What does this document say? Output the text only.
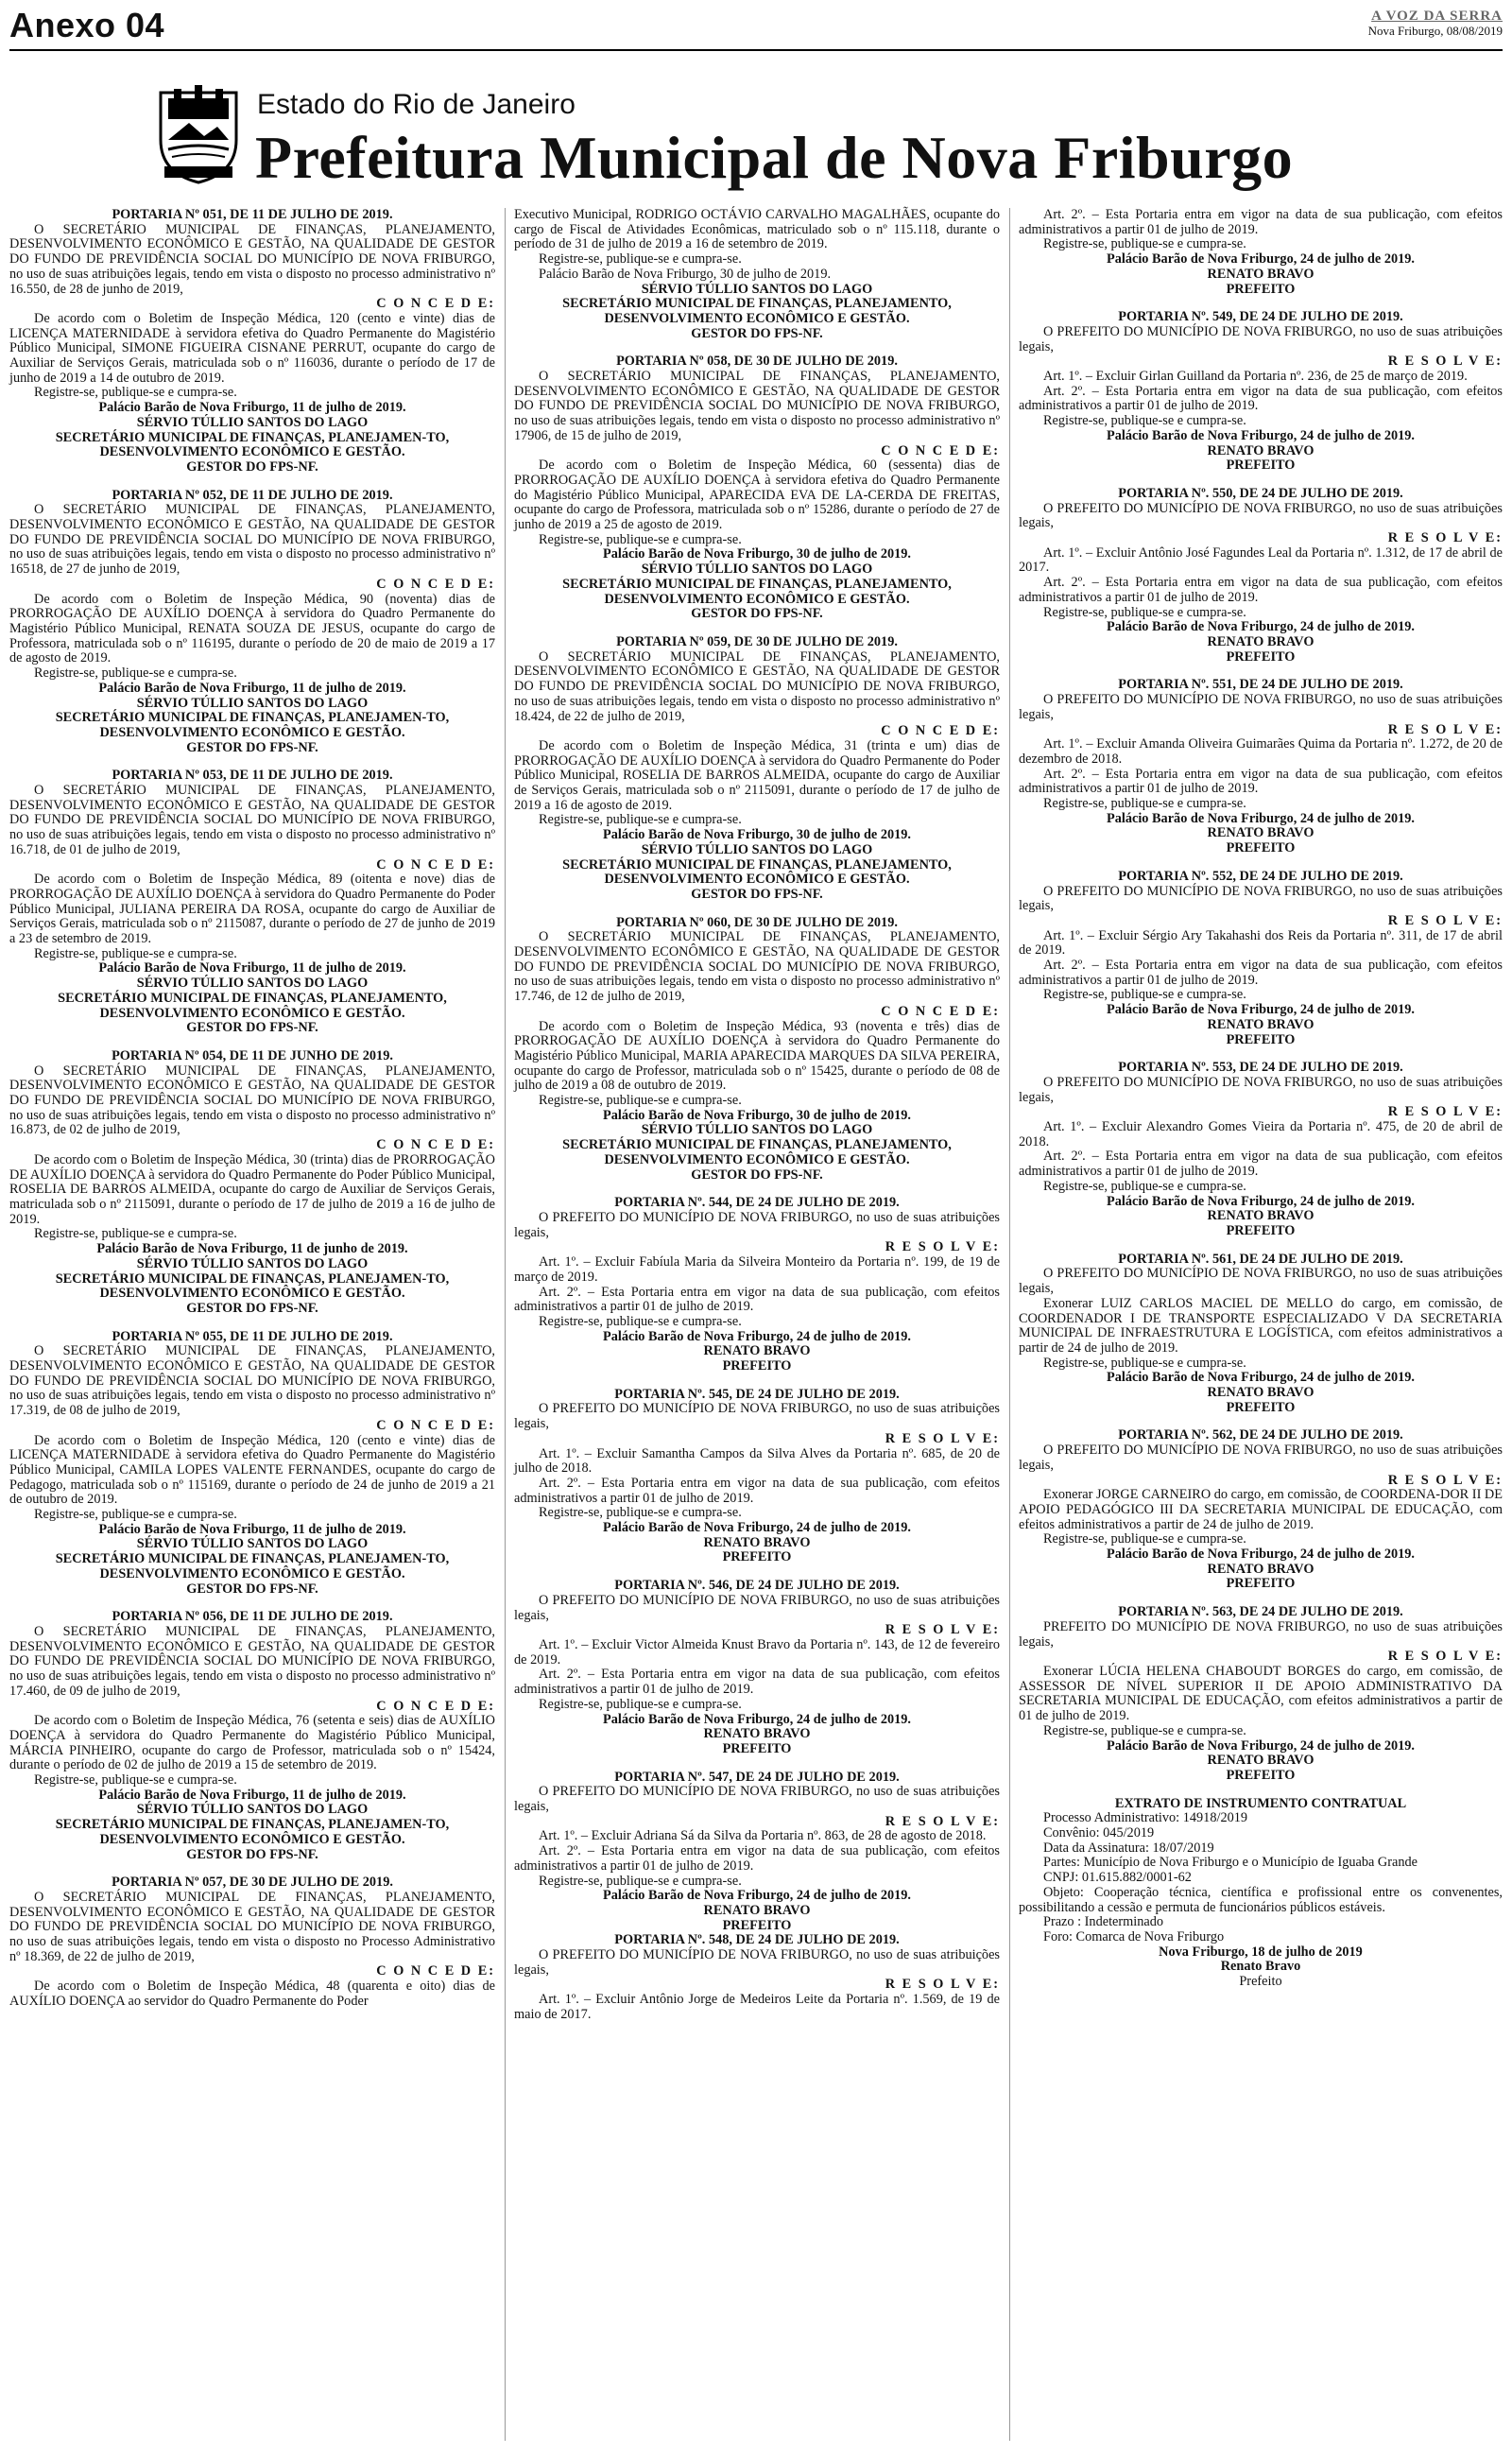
Anexo 04	A VOZ DA SERRA
Nova Friburgo, 08/08/2019
Estado do Rio de Janeiro
Prefeitura Municipal de Nova Friburgo

PORTARIA Nº 051, DE 11 DE JULHO DE 2019.

O SECRETÁRIO MUNICIPAL DE FINANÇAS, PLANEJAMENTO, DESENVOLVIMENTO ECONÔMICO E GESTÃO, NA QUALIDADE DE GESTOR DO FUNDO DE PREVIDÊNCIA SOCIAL DO MUNICÍPIO DE NOVA FRIBURGO, no uso de suas atribuições legais, tendo em vista o disposto no processo administrativo nº 16.550, de 28 de junho de 2019,

C O N C E D E:

De acordo com o Boletim de Inspeção Médica, 120 (cento e vinte) dias de LICENÇA MATERNIDADE à servidora efetiva do Quadro Permanente do Magistério Público Municipal, SIMONE FIGUEIRA CISNANE PERRUT, ocupante do cargo de Auxiliar de Serviços Gerais, matriculada sob o nº 116036, durante o período de 17 de junho de 2019 a 14 de outubro de 2019.

Registre-se, publique-se e cumpra-se.

Palácio Barão de Nova Friburgo, 11 de julho de 2019.

SÉRVIO TÚLLIO SANTOS DO LAGO

SECRETÁRIO MUNICIPAL DE FINANÇAS, PLANEJAMEN-TO, DESENVOLVIMENTO ECONÔMICO E GESTÃO.

GESTOR DO FPS-NF.

PORTARIA Nº 052, DE 11 DE JULHO DE 2019.

O SECRETÁRIO MUNICIPAL DE FINANÇAS, PLANEJAMENTO, DESENVOLVIMENTO ECONÔMICO E GESTÃO, NA QUALIDADE DE GESTOR DO FUNDO DE PREVIDÊNCIA SOCIAL DO MUNICÍPIO DE NOVA FRIBURGO, no uso de suas atribuições legais, tendo em vista o disposto no processo administrativo nº 16518, de 27 de junho de 2019,

C O N C E D E:

De acordo com o Boletim de Inspeção Médica, 90 (noventa) dias de PRORROGAÇÃO DE AUXÍLIO DOENÇA à servidora do Quadro Permanente do Magistério Público Municipal, RENATA SOUZA DE JESUS, ocupante do cargo de Professora, matriculada sob o nº 116195, durante o período de 20 de maio de 2019 a 17 de agosto de 2019.

Registre-se, publique-se e cumpra-se.

Palácio Barão de Nova Friburgo, 11 de julho de 2019.

SÉRVIO TÚLLIO SANTOS DO LAGO

SECRETÁRIO MUNICIPAL DE FINANÇAS, PLANEJAMEN-TO, DESENVOLVIMENTO ECONÔMICO E GESTÃO.

GESTOR DO FPS-NF.

PORTARIA Nº 053, DE 11 DE JULHO DE 2019.

O SECRETÁRIO MUNICIPAL DE FINANÇAS, PLANEJAMENTO, DESENVOLVIMENTO ECONÔMICO E GESTÃO, NA QUALIDADE DE GESTOR DO FUNDO DE PREVIDÊNCIA SOCIAL DO MUNICÍPIO DE NOVA FRIBURGO, no uso de suas atribuições legais, tendo em vista o disposto no processo administrativo nº 16.718, de 01 de julho de 2019,

C O N C E D E:

De acordo com o Boletim de Inspeção Médica, 89 (oitenta e nove) dias de PRORROGAÇÃO DE AUXÍLIO DOENÇA à servidora do Quadro Permanente do Poder Público Municipal, JULIANA PEREIRA DA ROSA, ocupante do cargo de Auxiliar de Serviços Gerais, matriculada sob o nº 2115087, durante o período de 27 de junho de 2019 a 23 de setembro de 2019.

Registre-se, publique-se e cumpra-se.

Palácio Barão de Nova Friburgo, 11 de julho de 2019.

SÉRVIO TÚLLIO SANTOS DO LAGO

SECRETÁRIO MUNICIPAL DE FINANÇAS, PLANEJAMENTO, DESENVOLVIMENTO ECONÔMICO E GESTÃO.

GESTOR DO FPS-NF.

PORTARIA Nº 054, DE 11 DE JUNHO DE 2019.

O SECRETÁRIO MUNICIPAL DE FINANÇAS, PLANEJAMENTO, DESENVOLVIMENTO ECONÔMICO E GESTÃO, NA QUALIDADE DE GESTOR DO FUNDO DE PREVIDÊNCIA SOCIAL DO MUNICÍPIO DE NOVA FRIBURGO, no uso de suas atribuições legais, tendo em vista o disposto no processo administrativo nº 16.873, de 02 de julho de 2019,

C O N C E D E:

De acordo com o Boletim de Inspeção Médica, 30 (trinta) dias de PRORROGAÇÃO DE AUXÍLIO DOENÇA à servidora do Quadro Permanente do Poder Público Municipal, ROSELIA DE BARROS ALMEIDA, ocupante do cargo de Auxiliar de Serviços Gerais, matriculada sob o nº 2115091, durante o período de 17 de julho de 2019 a 16 de julho de 2019.

Registre-se, publique-se e cumpra-se.

Palácio Barão de Nova Friburgo, 11 de junho de 2019.

SÉRVIO TÚLLIO SANTOS DO LAGO

SECRETÁRIO MUNICIPAL DE FINANÇAS, PLANEJAMEN-TO, DESENVOLVIMENTO ECONÔMICO E GESTÃO.

GESTOR DO FPS-NF.

PORTARIA Nº 055, DE 11 DE JULHO DE 2019.

O SECRETÁRIO MUNICIPAL DE FINANÇAS, PLANEJAMENTO, DESENVOLVIMENTO ECONÔMICO E GESTÃO, NA QUALIDADE DE GESTOR DO FUNDO DE PREVIDÊNCIA SOCIAL DO MUNICÍPIO DE NOVA FRIBURGO, no uso de suas atribuições legais, tendo em vista o disposto no processo administrativo nº 17.319, de 08 de julho de 2019,

C O N C E D E:

De acordo com o Boletim de Inspeção Médica, 120 (cento e vinte) dias de LICENÇA MATERNIDADE à servidora efetiva do Quadro Permanente do Magistério Público Municipal, CAMILA LOPES VALENTE FERNANDES, ocupante do cargo de Pedagogo, matriculada sob o nº 115169, durante o período de 24 de junho de 2019 a 21 de outubro de 2019.

Registre-se, publique-se e cumpra-se.

Palácio Barão de Nova Friburgo, 11 de julho de 2019.

SÉRVIO TÚLLIO SANTOS DO LAGO

SECRETÁRIO MUNICIPAL DE FINANÇAS, PLANEJAMEN-TO, DESENVOLVIMENTO ECONÔMICO E GESTÃO.

GESTOR DO FPS-NF.

PORTARIA Nº 056, DE 11 DE JULHO DE 2019.

O SECRETÁRIO MUNICIPAL DE FINANÇAS, PLANEJAMENTO, DESENVOLVIMENTO ECONÔMICO E GESTÃO, NA QUALIDADE DE GESTOR DO FUNDO DE PREVIDÊNCIA SOCIAL DO MUNICÍPIO DE NOVA FRIBURGO, no uso de suas atribuições legais, tendo em vista o disposto no processo administrativo nº 17.460, de 09 de julho de 2019,

C O N C E D E:

De acordo com o Boletim de Inspeção Médica, 76 (setenta e seis) dias de AUXÍLIO DOENÇA à servidora do Quadro Permanente do Magistério Público Municipal, MÁRCIA PINHEIRO, ocupante do cargo de Professor, matriculada sob o nº 15424, durante o período de 02 de julho de 2019 a 15 de setembro de 2019.

Registre-se, publique-se e cumpra-se.

Palácio Barão de Nova Friburgo, 11 de julho de 2019.

SÉRVIO TÚLLIO SANTOS DO LAGO

SECRETÁRIO MUNICIPAL DE FINANÇAS, PLANEJAMEN-TO, DESENVOLVIMENTO ECONÔMICO E GESTÃO.

GESTOR DO FPS-NF.

PORTARIA Nº 057, DE 30 DE JULHO DE 2019.

O SECRETÁRIO MUNICIPAL DE FINANÇAS, PLANEJAMENTO, DESENVOLVIMENTO ECONÔMICO E GESTÃO, NA QUALIDADE DE GESTOR DO FUNDO DE PREVIDÊNCIA SOCIAL DO MUNICÍPIO DE NOVA FRIBURGO, no uso de suas atribuições legais, tendo em vista o disposto no Processo Administrativo nº 18.369, de 22 de julho de 2019,

C O N C E D E:

De acordo com o Boletim de Inspeção Médica, 48 (quarenta e oito) dias de AUXÍLIO DOENÇA ao servidor do Quadro Permanente do Poder

Executivo Municipal, RODRIGO OCTÁVIO CARVALHO MAGALHÃES, ocupante do cargo de Fiscal de Atividades Econômicas, matriculado sob o nº 115.118, durante o período de 31 de julho de 2019 a 16 de setembro de 2019.

Registre-se, publique-se e cumpra-se.

Palácio Barão de Nova Friburgo, 30 de julho de 2019.

SÉRVIO TÚLLIO SANTOS DO LAGO

SECRETÁRIO MUNICIPAL DE FINANÇAS, PLANEJAMENTO, DESENVOLVIMENTO ECONÔMICO E GESTÃO.

GESTOR DO FPS-NF.

PORTARIA Nº 058, DE 30 DE JULHO DE 2019.

O SECRETÁRIO MUNICIPAL DE FINANÇAS, PLANEJAMENTO, DESENVOLVIMENTO ECONÔMICO E GESTÃO, NA QUALIDADE DE GESTOR DO FUNDO DE PREVIDÊNCIA SOCIAL DO MUNICÍPIO DE NOVA FRIBURGO, no uso de suas atribuições legais, tendo em vista o disposto no processo administrativo nº 17906, de 15 de julho de 2019,

C O N C E D E:

De acordo com o Boletim de Inspeção Médica, 60 (sessenta) dias de PRORROGAÇÃO DE AUXÍLIO DOENÇA à servidora efetiva do Quadro Permanente do Magistério Público Municipal, APARECIDA EVA DE LA-CERDA DE FREITAS, ocupante do cargo de Professora, matriculada sob o nº 15286, durante o período de 27 de junho de 2019 a 25 de agosto de 2019.

Registre-se, publique-se e cumpra-se.

Palácio Barão de Nova Friburgo, 30 de julho de 2019.

SÉRVIO TÚLLIO SANTOS DO LAGO

SECRETÁRIO MUNICIPAL DE FINANÇAS, PLANEJAMENTO, DESENVOLVIMENTO ECONÔMICO E GESTÃO.

GESTOR DO FPS-NF.

PORTARIA Nº 059, DE 30 DE JULHO DE 2019.

O SECRETÁRIO MUNICIPAL DE FINANÇAS, PLANEJAMENTO, DESENVOLVIMENTO ECONÔMICO E GESTÃO, NA QUALIDADE DE GESTOR DO FUNDO DE PREVIDÊNCIA SOCIAL DO MUNICÍPIO DE NOVA FRIBURGO, no uso de suas atribuições legais, tendo em vista o disposto no processo administrativo nº 18.424, de 22 de julho de 2019,

C O N C E D E:

De acordo com o Boletim de Inspeção Médica, 31 (trinta e um) dias de PRORROGAÇÃO DE AUXÍLIO DOENÇA à servidora do Quadro Permanente do Poder Público Municipal, ROSELIA DE BARROS ALMEIDA, ocupante do cargo de Auxiliar de Serviços Gerais, matriculada sob o nº 2115091, durante o período de 17 de julho de 2019 a 16 de agosto de 2019.

Registre-se, publique-se e cumpra-se.

Palácio Barão de Nova Friburgo, 30 de julho de 2019.

SÉRVIO TÚLLIO SANTOS DO LAGO

SECRETÁRIO MUNICIPAL DE FINANÇAS, PLANEJAMENTO, DESENVOLVIMENTO ECONÔMICO E GESTÃO.

GESTOR DO FPS-NF.

PORTARIA Nº 060, DE 30 DE JULHO DE 2019.

O SECRETÁRIO MUNICIPAL DE FINANÇAS, PLANEJAMENTO, DESENVOLVIMENTO ECONÔMICO E GESTÃO, NA QUALIDADE DE GESTOR DO FUNDO DE PREVIDÊNCIA SOCIAL DO MUNICÍPIO DE NOVA FRIBURGO, no uso de suas atribuições legais, tendo em vista o disposto no processo administrativo nº 17.746, de 12 de julho de 2019,

C O N C E D E:

De acordo com o Boletim de Inspeção Médica, 93 (noventa e três) dias de PRORROGAÇÃO DE AUXÍLIO DOENÇA à servidora do Quadro Permanente do Magistério Público Municipal, MARIA APARECIDA MARQUES DA SILVA PEREIRA, ocupante do cargo de Professor, matriculada sob o nº 15425, durante o período de 08 de julho de 2019 a 08 de outubro de 2019.

Registre-se, publique-se e cumpra-se.

Palácio Barão de Nova Friburgo, 30 de julho de 2019.

SÉRVIO TÚLLIO SANTOS DO LAGO

SECRETÁRIO MUNICIPAL DE FINANÇAS, PLANEJAMENTO, DESENVOLVIMENTO ECONÔMICO E GESTÃO.

GESTOR DO FPS-NF.

PORTARIA Nº. 544, DE 24 DE JULHO DE 2019.

O PREFEITO DO MUNICÍPIO DE NOVA FRIBURGO, no uso de suas atribuições legais,

R E S O L V E:

Art. 1º. – Excluir Fabíula Maria da Silveira Monteiro da Portaria nº. 199, de 19 de março de 2019.

Art. 2º. – Esta Portaria entra em vigor na data de sua publicação, com efeitos administrativos a partir 01 de julho de 2019.

Registre-se, publique-se e cumpra-se.

Palácio Barão de Nova Friburgo, 24 de julho de 2019.

RENATO BRAVO

PREFEITO

PORTARIA Nº. 545, DE 24 DE JULHO DE 2019.

O PREFEITO DO MUNICÍPIO DE NOVA FRIBURGO, no uso de suas atribuições legais,

R E S O L V E:

Art. 1º. – Excluir Samantha Campos da Silva Alves da Portaria nº. 685, de 20 de julho de 2018.

Art. 2º. – Esta Portaria entra em vigor na data de sua publicação, com efeitos administrativos a partir 01 de julho de 2019.

Registre-se, publique-se e cumpra-se.

Palácio Barão de Nova Friburgo, 24 de julho de 2019.

RENATO BRAVO

PREFEITO

PORTARIA Nº. 546, DE 24 DE JULHO DE 2019.

O PREFEITO DO MUNICÍPIO DE NOVA FRIBURGO, no uso de suas atribuições legais,

R E S O L V E:

Art. 1º. – Excluir Victor Almeida Knust Bravo da Portaria nº. 143, de 12 de fevereiro de 2019.

Art. 2º. – Esta Portaria entra em vigor na data de sua publicação, com efeitos administrativos a partir 01 de julho de 2019.

Registre-se, publique-se e cumpra-se.

Palácio Barão de Nova Friburgo, 24 de julho de 2019.

RENATO BRAVO

PREFEITO

PORTARIA Nº. 547, DE 24 DE JULHO DE 2019.

O PREFEITO DO MUNICÍPIO DE NOVA FRIBURGO, no uso de suas atribuições legais,

R E S O L V E:

Art. 1º. – Excluir Adriana Sá da Silva da Portaria nº. 863, de 28 de agosto de 2018.

Art. 2º. – Esta Portaria entra em vigor na data de sua publicação, com efeitos administrativos a partir 01 de julho de 2019.

Registre-se, publique-se e cumpra-se.

Palácio Barão de Nova Friburgo, 24 de julho de 2019.

RENATO BRAVO

PREFEITO

PORTARIA Nº. 548, DE 24 DE JULHO DE 2019.

O PREFEITO DO MUNICÍPIO DE NOVA FRIBURGO, no uso de suas atribuições legais,

R E S O L V E:

Art. 1º. – Excluir Antônio Jorge de Medeiros Leite da Portaria nº. 1.569, de 19 de maio de 2017.

Art. 2º. – Esta Portaria entra em vigor na data de sua publicação, com efeitos administrativos a partir 01 de julho de 2019.

Registre-se, publique-se e cumpra-se.

Palácio Barão de Nova Friburgo, 24 de julho de 2019.

RENATO BRAVO

PREFEITO

PORTARIA Nº. 549, DE 24 DE JULHO DE 2019.

O PREFEITO DO MUNICÍPIO DE NOVA FRIBURGO, no uso de suas atribuições legais,

R E S O L V E:

Art. 1º. – Excluir Girlan Guilland da Portaria nº. 236, de 25 de março de 2019.

Art. 2º. – Esta Portaria entra em vigor na data de sua publicação, com efeitos administrativos a partir 01 de julho de 2019.

Registre-se, publique-se e cumpra-se.

Palácio Barão de Nova Friburgo, 24 de julho de 2019.

RENATO BRAVO

PREFEITO

PORTARIA Nº. 550, DE 24 DE JULHO DE 2019.

O PREFEITO DO MUNICÍPIO DE NOVA FRIBURGO, no uso de suas atribuições legais,

R E S O L V E:

Art. 1º. – Excluir Antônio José Fagundes Leal da Portaria nº. 1.312, de 17 de abril de 2017.

Art. 2º. – Esta Portaria entra em vigor na data de sua publicação, com efeitos administrativos a partir 01 de julho de 2019.

Registre-se, publique-se e cumpra-se.

Palácio Barão de Nova Friburgo, 24 de julho de 2019.

RENATO BRAVO

PREFEITO

PORTARIA Nº. 551, DE 24 DE JULHO DE 2019.

O PREFEITO DO MUNICÍPIO DE NOVA FRIBURGO, no uso de suas atribuições legais,

R E S O L V E:

Art. 1º. – Excluir Amanda Oliveira Guimarães Quima da Portaria nº. 1.272, de 20 de dezembro de 2018.

Art. 2º. – Esta Portaria entra em vigor na data de sua publicação, com efeitos administrativos a partir 01 de julho de 2019.

Registre-se, publique-se e cumpra-se.

Palácio Barão de Nova Friburgo, 24 de julho de 2019.

RENATO BRAVO

PREFEITO

PORTARIA Nº. 552, DE 24 DE JULHO DE 2019.

O PREFEITO DO MUNICÍPIO DE NOVA FRIBURGO, no uso de suas atribuições legais,

R E S O L V E:

Art. 1º. – Excluir Sérgio Ary Takahashi dos Reis da Portaria nº. 311, de 17 de abril de 2019.

Art. 2º. – Esta Portaria entra em vigor na data de sua publicação, com efeitos administrativos a partir 01 de julho de 2019.

Registre-se, publique-se e cumpra-se.

Palácio Barão de Nova Friburgo, 24 de julho de 2019.

RENATO BRAVO

PREFEITO

PORTARIA Nº. 553, DE 24 DE JULHO DE 2019.

O PREFEITO DO MUNICÍPIO DE NOVA FRIBURGO, no uso de suas atribuições legais,

R E S O L V E:

Art. 1º. – Excluir Alexandro Gomes Vieira da Portaria nº. 475, de 20 de abril de 2018.

Art. 2º. – Esta Portaria entra em vigor na data de sua publicação, com efeitos administrativos a partir 01 de julho de 2019.

Registre-se, publique-se e cumpra-se.

Palácio Barão de Nova Friburgo, 24 de julho de 2019.

RENATO BRAVO

PREFEITO

PORTARIA Nº. 561, DE 24 DE JULHO DE 2019.

O PREFEITO DO MUNICÍPIO DE NOVA FRIBURGO, no uso de suas atribuições legais,

Exonerar LUIZ CARLOS MACIEL DE MELLO do cargo, em comissão, de COORDENADOR I DE TRANSPORTE ESPECIALIZADO V DA SECRETARIA MUNICIPAL DE INFRAESTRUTURA E LOGÍSTICA, com efeitos administrativos a partir de 24 de julho de 2019.

Registre-se, publique-se e cumpra-se.

Palácio Barão de Nova Friburgo, 24 de julho de 2019.

RENATO BRAVO

PREFEITO

PORTARIA Nº. 562, DE 24 DE JULHO DE 2019.

O PREFEITO DO MUNICÍPIO DE NOVA FRIBURGO, no uso de suas atribuições legais,

R E S O L V E:

Exonerar JORGE CARNEIRO do cargo, em comissão, de COORDENA-DOR II DE APOIO PEDAGÓGICO III DA SECRETARIA MUNICIPAL DE EDUCAÇÃO, com efeitos administrativos a partir de 24 de julho de 2019.

Registre-se, publique-se e cumpra-se.

Palácio Barão de Nova Friburgo, 24 de julho de 2019.

RENATO BRAVO

PREFEITO

PORTARIA Nº. 563, DE 24 DE JULHO DE 2019.

PREFEITO DO MUNICÍPIO DE NOVA FRIBURGO, no uso de suas atribuições legais,

R E S O L V E:

Exonerar LÚCIA HELENA CHABOUDT BORGES do cargo, em comissão, de ASSESSOR DE NÍVEL SUPERIOR II DE APOIO ADMINISTRATIVO DA SECRETARIA MUNICIPAL DE EDUCAÇÃO, com efeitos administrativos a partir de 01 de julho de 2019.

Registre-se, publique-se e cumpra-se.

Palácio Barão de Nova Friburgo, 24 de julho de 2019.

RENATO BRAVO

PREFEITO

EXTRATO DE INSTRUMENTO CONTRATUAL

Processo Administrativo: 14918/2019

Convênio: 045/2019

Data da Assinatura: 18/07/2019

Partes: Município de Nova Friburgo e o Município de Iguaba Grande

CNPJ: 01.615.882/0001-62

Objeto: Cooperação técnica, científica e profissional entre os convenentes, possibilitando a cessão e permuta de funcionários públicos estáveis.

Prazo : Indeterminado

Foro: Comarca de Nova Friburgo

Nova Friburgo, 18 de julho de 2019

Renato Bravo

Prefeito
